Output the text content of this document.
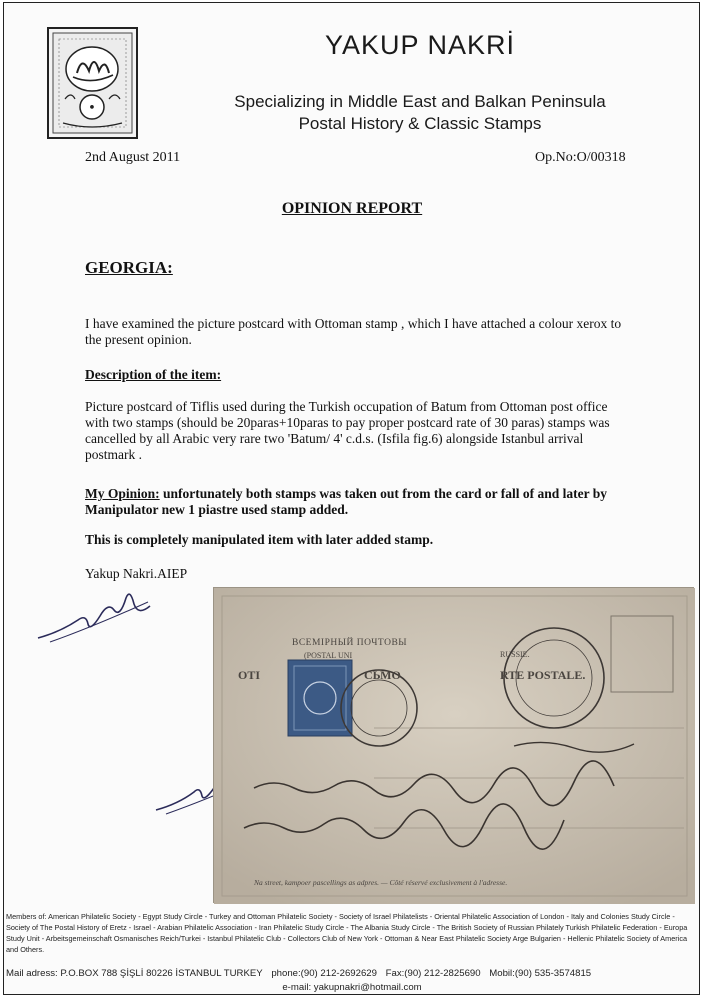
•
YAKUP NAKRİ
Specializing in Middle East and Balkan Peninsula
Postal History & Classic Stamps
2nd August 2011	Op.No:O/00318
OPINION REPORT
GEORGIA:
I have examined the picture postcard with Ottoman stamp , which I have attached a colour xerox to the present opinion.
Description of the item:
Picture postcard of Tiflis used during the Turkish occupation of Batum from Ottoman post office with two stamps (should be 20paras+10paras to pay proper postcard rate of 30 paras) stamps was cancelled by all Arabic very rare two 'Batum/ 4' c.d.s. (Isfila fig.6) alongside Istanbul arrival postmark .
My Opinion: unfortunately both stamps was taken out from the card or fall of and later by Manipulator new 1 piastre used stamp added.
This is completely manipulated item with later added stamp.
Yakup Nakri.AIEP
ВСЕМIРНЫЙ ПОЧТОВЫ
(POSTAL UNI
OTI	CЬМО	RTE POSTALE.
RUSSIE.
Na street, kampoer pascellings as adpres. — Côté réservé exclusivement à l'adresse.
Members of: American Philatelic Society - Egypt Study Circle - Turkey and Ottoman Philatelic Society - Society of Israel Philatelists - Oriental Philatelic Association of London - Italy and Colonies Study Circle - Society of The Postal History of Eretz - Israel - Arabian Philatelic Association - Iran Philatelic Study Circle - The Albania Study Circle - The British Society of Russian Philately Turkish Philatelic Federation - Europa Study Unit - Arbeitsgemeinschaft Osmanisches Reich/Turkei - Istanbul Philatelic Club - Collectors Club of New York - Ottoman & Near East Philatelic Society Arge Bulgarien - Hellenic Philatelic Society of America and Others.
Mail adress: P.O.BOX 788 ŞİŞLİ 80226 İSTANBUL TURKEY phone:(90) 212-2692629 Fax:(90) 212-2825690 Mobil:(90) 535-3574815
e-mail: yakupnakri@hotmail.com
